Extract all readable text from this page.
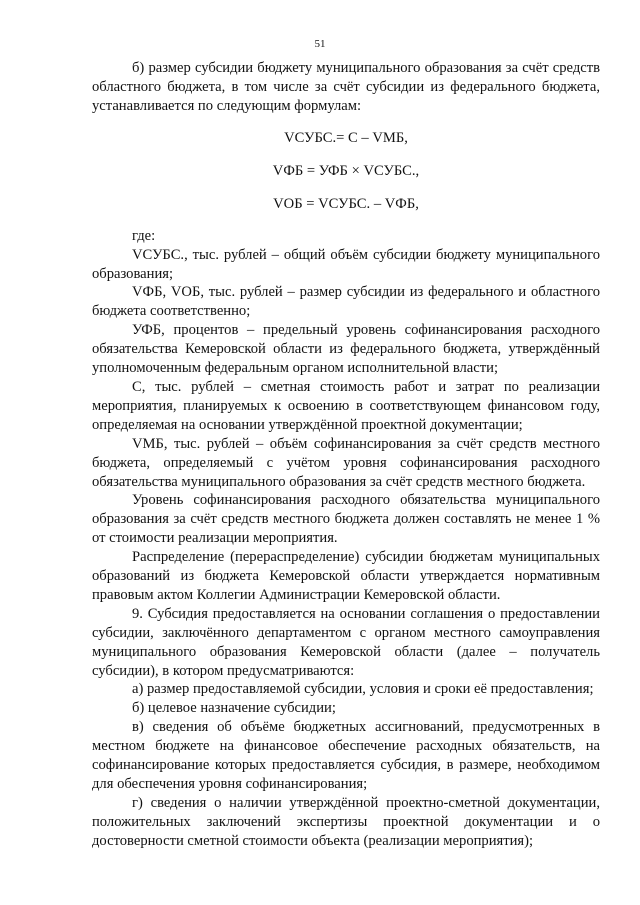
51

б) размер субсидии бюджету муниципального образования за счёт средств областного бюджета, в том числе за счёт субсидии из федерального бюджета, устанавливается по следующим формулам:

VСУБС.= С – VМБ,
VФБ = УФБ × VСУБС.,
VОБ = VСУБС. – VФБ,

где:

VСУБС., тыс. рублей – общий объём субсидии бюджету муниципального образования;

VФБ, VОБ, тыс. рублей – размер субсидии из федерального и областного бюджета соответственно;

УФБ, процентов – предельный уровень софинансирования расходного обязательства Кемеровской области из федерального бюджета, утверждённый уполномоченным федеральным органом исполнительной власти;

С, тыс. рублей – сметная стоимость работ и затрат по реализации мероприятия, планируемых к освоению в соответствующем финансовом году, определяемая на основании утверждённой проектной документации;

VМБ, тыс. рублей – объём софинансирования за счёт средств местного бюджета, определяемый с учётом уровня софинансирования расходного обязательства муниципального образования за счёт средств местного бюджета.

Уровень софинансирования расходного обязательства муниципального образования за счёт средств местного бюджета должен составлять не менее 1 % от стоимости реализации мероприятия.

Распределение (перераспределение) субсидии бюджетам муниципальных образований из бюджета Кемеровской области утверждается нормативным правовым актом Коллегии Администрации Кемеровской области.

9. Субсидия предоставляется на основании соглашения о предоставлении субсидии, заключённого департаментом с органом местного самоуправления муниципального образования Кемеровской области (далее – получатель субсидии), в котором предусматриваются:

а) размер предоставляемой субсидии, условия и сроки её предоставления;

б) целевое назначение субсидии;

в) сведения об объёме бюджетных ассигнований, предусмотренных в местном бюджете на финансовое обеспечение расходных обязательств, на софинансирование которых предоставляется субсидия, в размере, необходимом для обеспечения уровня софинансирования;

г) сведения о наличии утверждённой проектно-сметной документации, положительных заключений экспертизы проектной документации и о достоверности сметной стоимости объекта (реализации мероприятия);
